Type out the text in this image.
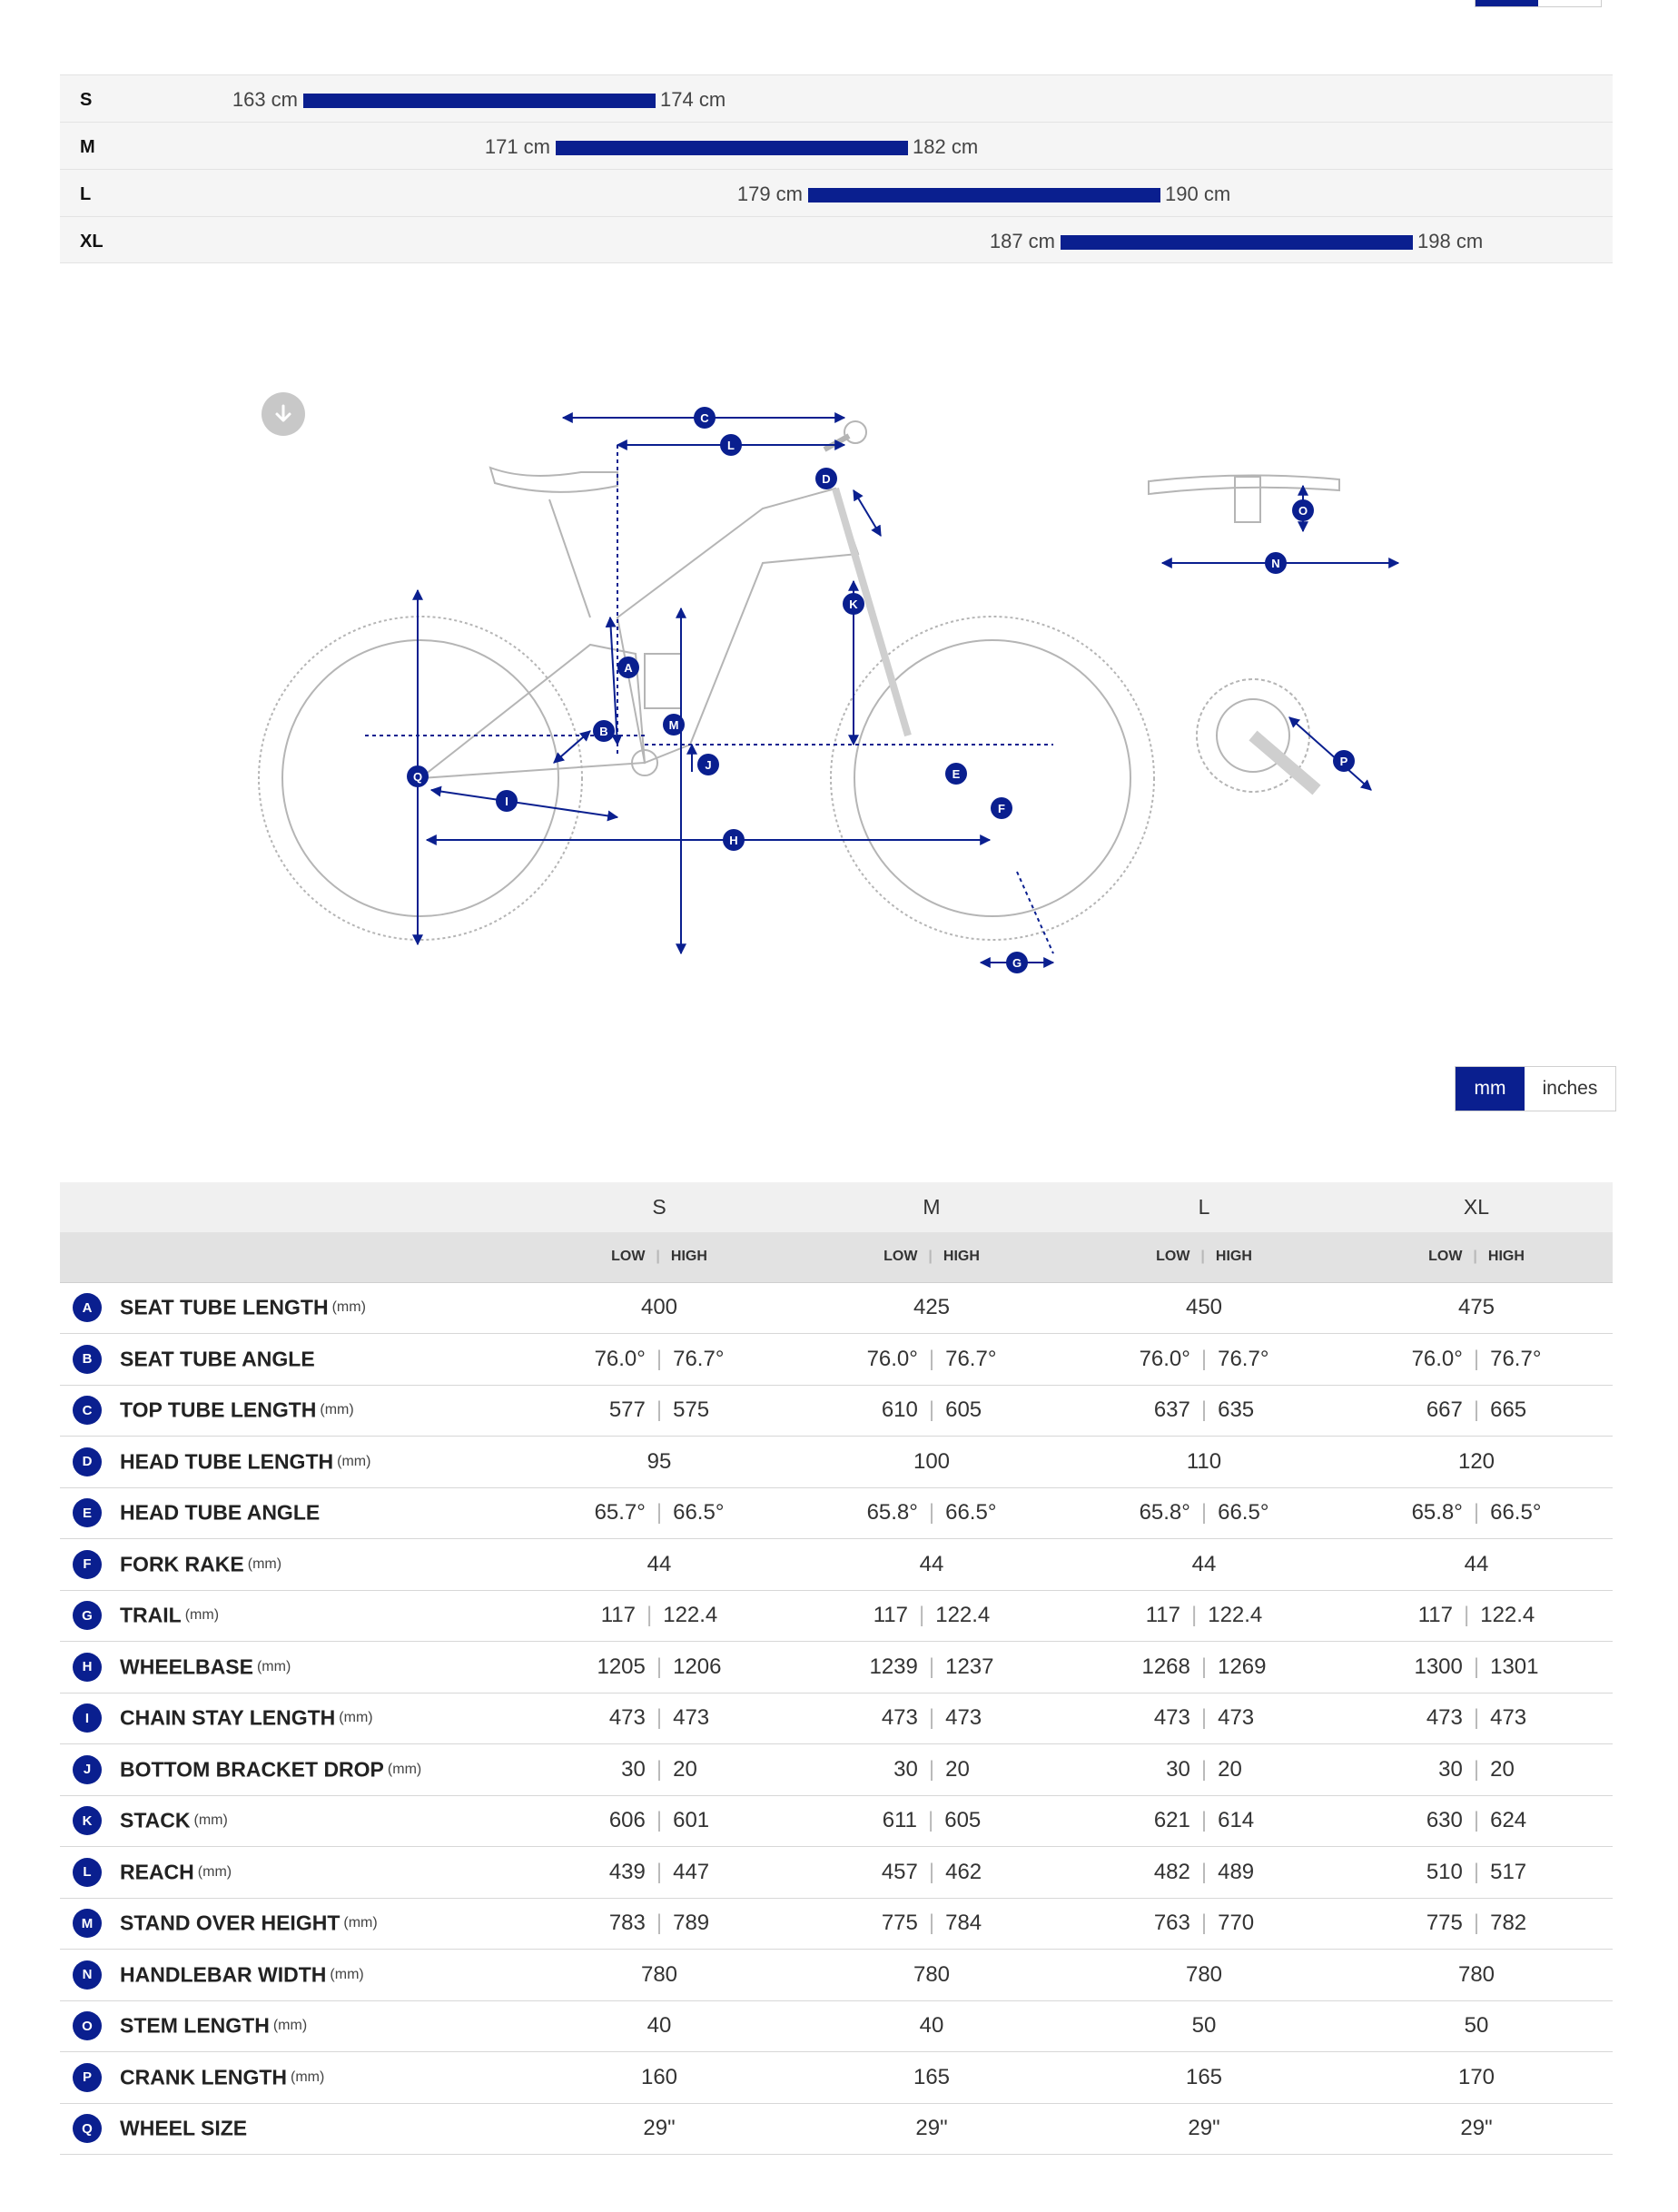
S	163 cm	174 cm
M	171 cm	182 cm
L	179 cm	190 cm
XL	187 cm	198 cm
C
L
D
K
A
B	M
J
Q
I
H
E
F
G
O
N
P
mm	inches
	S	M	L	XL
	LOW | HIGH	LOW | HIGH	LOW | HIGH	LOW | HIGH
A SEAT TUBE LENGTH (mm)	400	425	450	475
B SEAT TUBE ANGLE	76.0° | 76.7°	76.0° | 76.7°	76.0° | 76.7°	76.0° | 76.7°
C TOP TUBE LENGTH (mm)	577 | 575	610 | 605	637 | 635	667 | 665
D HEAD TUBE LENGTH (mm)	95	100	110	120
E HEAD TUBE ANGLE	65.7° | 66.5°	65.8° | 66.5°	65.8° | 66.5°	65.8° | 66.5°
F FORK RAKE (mm)	44	44	44	44
G TRAIL (mm)	117 | 122.4	117 | 122.4	117 | 122.4	117 | 122.4
H WHEELBASE (mm)	1205 | 1206	1239 | 1237	1268 | 1269	1300 | 1301
I CHAIN STAY LENGTH (mm)	473 | 473	473 | 473	473 | 473	473 | 473
J BOTTOM BRACKET DROP (mm)	30 | 20	30 | 20	30 | 20	30 | 20
K STACK (mm)	606 | 601	611 | 605	621 | 614	630 | 624
L REACH (mm)	439 | 447	457 | 462	482 | 489	510 | 517
M STAND OVER HEIGHT (mm)	783 | 789	775 | 784	763 | 770	775 | 782
N HANDLEBAR WIDTH (mm)	780	780	780	780
O STEM LENGTH (mm)	40	40	50	50
P CRANK LENGTH (mm)	160	165	165	170
Q WHEEL SIZE	29"	29"	29"	29"
